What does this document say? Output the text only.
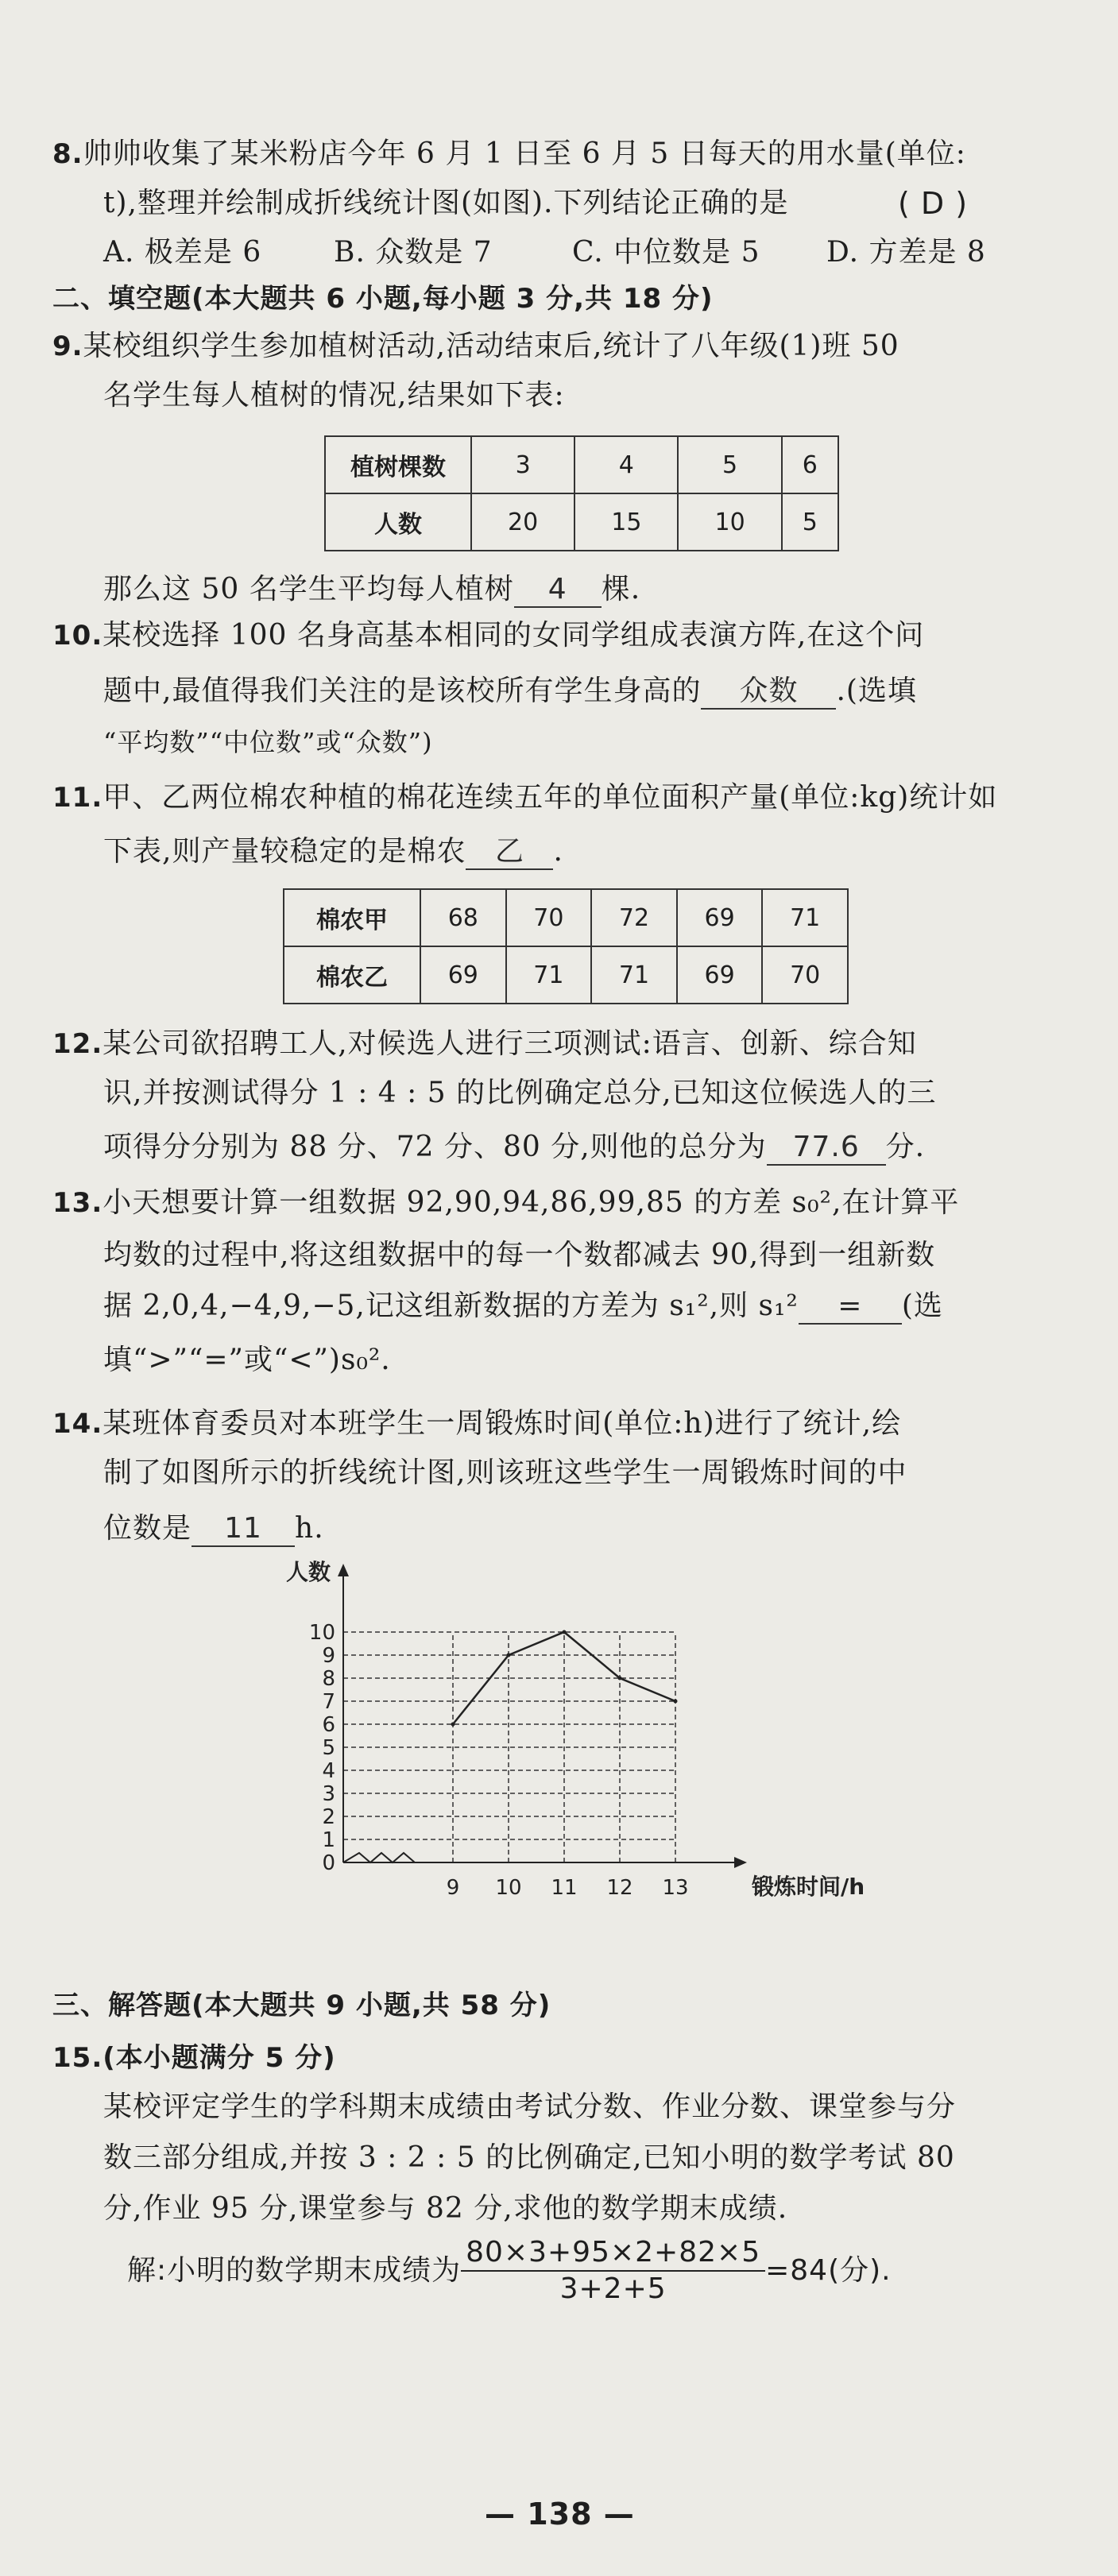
8.帅帅收集了某米粉店今年 6 月 1 日至 6 月 5 日每天的用水量(单位:
t),整理并绘制成折线统计图(如图).下列结论正确的是	( D )
A. 极差是 6	B. 众数是 7	C. 中位数是 5 D. 方差是 8
二、填空题(本大题共 6 小题,每小题 3 分,共 18 分)
9.某校组织学生参加植树活动,活动结束后,统计了八年级(1)班 50
名学生每人植树的情况,结果如下表:
植树棵数	3	4	5	6
人数	20	15	10	5
那么这 50 名学生平均每人植树 4 棵.
10.某校选择 100 名身高基本相同的女同学组成表演方阵,在这个问
题中,最值得我们关注的是该校所有学生身高的 众数 .(选填
“平均数”“中位数”或“众数”)
11.甲、乙两位棉农种植的棉花连续五年的单位面积产量(单位:kg)统计如
下表,则产量较稳定的是棉农 乙 .
棉农甲	68	70	72	69	71
棉农乙	69	71	71	69	70
12.某公司欲招聘工人,对候选人进行三项测试:语言、创新、综合知
识,并按测试得分 1 : 4 : 5 的比例确定总分,已知这位候选人的三
项得分分别为 88 分、72 分、80 分,则他的总分为 77.6 分.
13.小天想要计算一组数据 92,90,94,86,99,85 的方差 s₀²,在计算平
均数的过程中,将这组数据中的每一个数都减去 90,得到一组新数
据 2,0,4,−4,9,−5,记这组新数据的方差为 s₁²,则 s₁² = (选
填“>”“=”或“<”)s₀².
14.某班体育委员对本班学生一周锻炼时间(单位:h)进行了统计,绘
制了如图所示的折线统计图,则该班这些学生一周锻炼时间的中
位数是 11 h.
0
1
2
3
4
5
6
7
8
9
10
9 10 11 12 13
人数
锻炼时间/h
三、解答题(本大题共 9 小题,共 58 分)
15.(本小题满分 5 分)
某校评定学生的学科期末成绩由考试分数、作业分数、课堂参与分
数三部分组成,并按 3 : 2 : 5 的比例确定,已知小明的数学考试 80
分,作业 95 分,课堂参与 82 分,求他的数学期末成绩.
解:小明的数学期末成绩为 $\frac{80\times 3+95\times 2+82\times 5}{3+2+5} =84$(分).
— 138 —
